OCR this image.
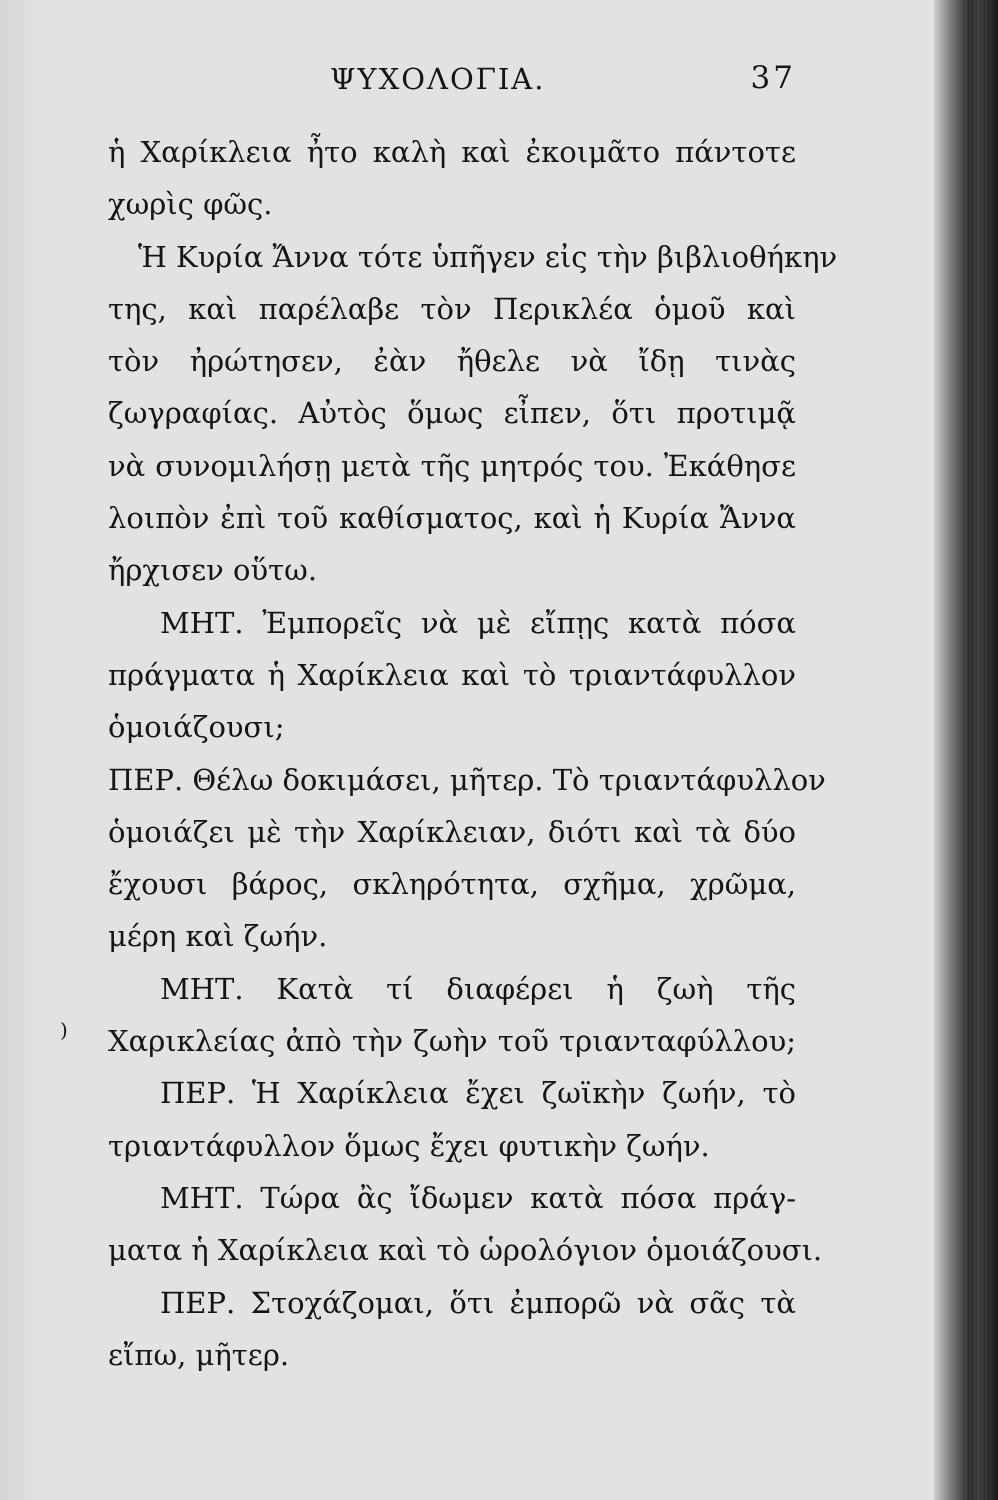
ΨΥΧΟΛΟΓΙΑ.	37
)
ἡ Χαρίκλεια ἦτο καλὴ καὶ ἐκοιμᾶτο πάντοτε
χωρὶς φῶς.
Ἡ Κυρία Ἄννα τότε ὑπῆγεν εἰς τὴν βιβλιοθήκην
της, καὶ παρέλαβε τὸν Περικλέα ὁμοῦ καὶ
τὸν ἠρώτησεν, ἐὰν ἤθελε νὰ ἴδῃ τινὰς
ζωγραφίας. Αὐτὸς ὅμως εἶπεν, ὅτι προτιμᾷ
νὰ συνομιλήσῃ μετὰ τῆς μητρός του. Ἐκάθησε
λοιπὸν ἐπὶ τοῦ καθίσματος, καὶ ἡ Κυρία Ἄννα
ἤρχισεν οὕτω.
ΜΗΤ. Ἐμπορεῖς νὰ μὲ εἴπῃς κατὰ πόσα
πράγματα ἡ Χαρίκλεια καὶ τὸ τριαντάφυλλον
ὁμοιάζουσι;
ΠΕΡ. Θέλω δοκιμάσει, μῆτερ. Τὸ τριαντάφυλλον
ὁμοιάζει μὲ τὴν Χαρίκλειαν, διότι καὶ τὰ δύο
ἔχουσι βάρος, σκληρότητα, σχῆμα, χρῶμα,
μέρη καὶ ζωήν.
ΜΗΤ. Κατὰ τί διαφέρει ἡ ζωὴ τῆς
Χαρικλείας ἀπὸ τὴν ζωὴν τοῦ τριανταφύλλου;
ΠΕΡ. Ἡ Χαρίκλεια ἔχει ζωϊκὴν ζωήν, τὸ
τριαντάφυλλον ὅμως ἔχει φυτικὴν ζωήν.
ΜΗΤ. Τώρα ἂς ἴδωμεν κατὰ πόσα πράγ-
ματα ἡ Χαρίκλεια καὶ τὸ ὡρολόγιον ὁμοιάζουσι.
ΠΕΡ. Στοχάζομαι, ὅτι ἐμπορῶ νὰ σᾶς τὰ
εἴπω, μῆτερ.
